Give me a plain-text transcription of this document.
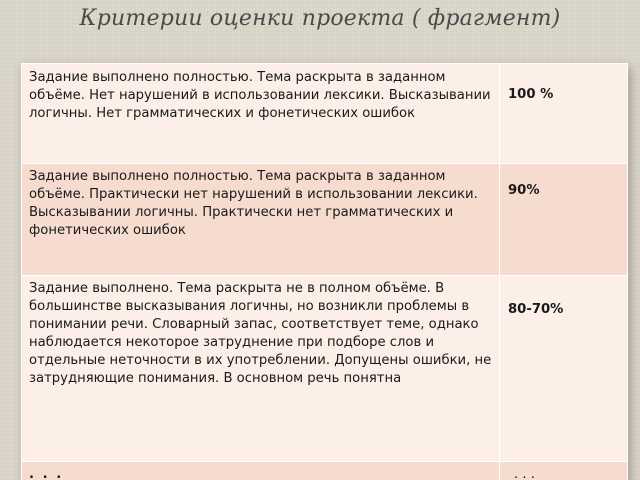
Критерии оценки проекта ( фрагмент)
Задание выполнено полностью. Тема раскрыта в заданном объёме. Нет нарушений в использовании лексики. Высказывании логичны. Нет грамматических и фонетических ошибок	100 %
Задание выполнено полностью. Тема раскрыта в заданном объёме. Практически нет нарушений в использовании лексики. Высказывании логичны. Практически нет грамматических и фонетических ошибок	90%
Задание выполнено. Тема раскрыта не в полном объёме. В большинстве высказывания логичны, но возникли проблемы в понимании речи. Словарный запас, соответствует теме, однако наблюдается некоторое затруднение при подборе слов и отдельные неточности в их употреблении. Допущены ошибки, не затрудняющие понимания. В основном речь понятна	80-70%
. . .	. . .
